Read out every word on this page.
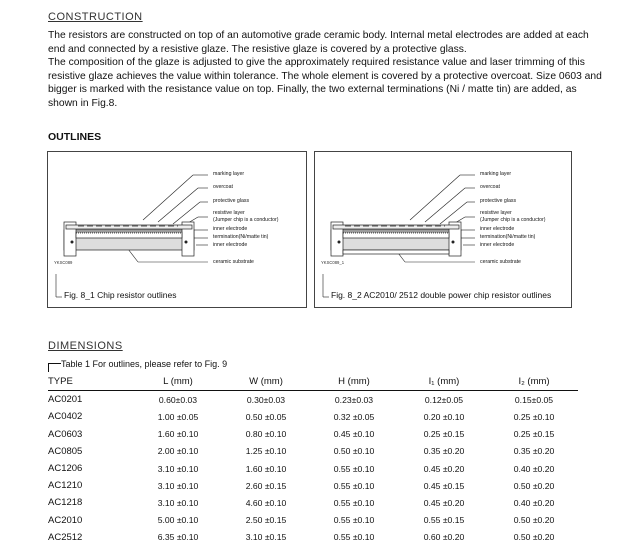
CONSTRUCTION

The resistors are constructed on top of an automotive grade ceramic body. Internal metal electrodes are added at each end and connected by a resistive glaze. The resistive glaze is covered by a protective glass.

The composition of the glaze is adjusted to give the approximately required resistance value and laser trimming of this resistive glaze achieves the value within tolerance. The whole element is covered by a protective overcoat. Size 0603 and bigger is marked with the resistance value on top. Finally, the two external terminations (Ni / matte tin) are added, as shown in Fig.8.

OUTLINES
marking layer
overcoat
protective glass
resistive layer
(Jumper chip is a conductor)
inner electrode
termination(Ni/matte tin)
inner electrode
ceramic substrate
YKSC089
Fig. 8_1 Chip resistor outlines
marking layer
overcoat
protective glass
resistive layer
(Jumper chip is a conductor)
inner electrode
termination(Ni/matte tin)
inner electrode
ceramic substrate
YKSC089_1
Fig. 8_2 AC2010/ 2512 double power chip resistor outlines
DIMENSIONS
Table 1 For outlines, please refer to Fig. 9
TYPE	L (mm)	W (mm)	H (mm)	I₁ (mm)	I₂ (mm)
AC0201	0.60±0.03	0.30±0.03	0.23±0.03	0.12±0.05	0.15±0.05
AC0402	1.00 ±0.05	0.50 ±0.05	0.32 ±0.05	0.20 ±0.10	0.25 ±0.10
AC0603	1.60 ±0.10	0.80 ±0.10	0.45 ±0.10	0.25 ±0.15	0.25 ±0.15
AC0805	2.00 ±0.10	1.25 ±0.10	0.50 ±0.10	0.35 ±0.20	0.35 ±0.20
AC1206	3.10 ±0.10	1.60 ±0.10	0.55 ±0.10	0.45 ±0.20	0.40 ±0.20
AC1210	3.10 ±0.10	2.60 ±0.15	0.55 ±0.10	0.45 ±0.15	0.50 ±0.20
AC1218	3.10 ±0.10	4.60 ±0.10	0.55 ±0.10	0.45 ±0.20	0.40 ±0.20
AC2010	5.00 ±0.10	2.50 ±0.15	0.55 ±0.10	0.55 ±0.15	0.50 ±0.20
AC2512	6.35 ±0.10	3.10 ±0.15	0.55 ±0.10	0.60 ±0.20	0.50 ±0.20
